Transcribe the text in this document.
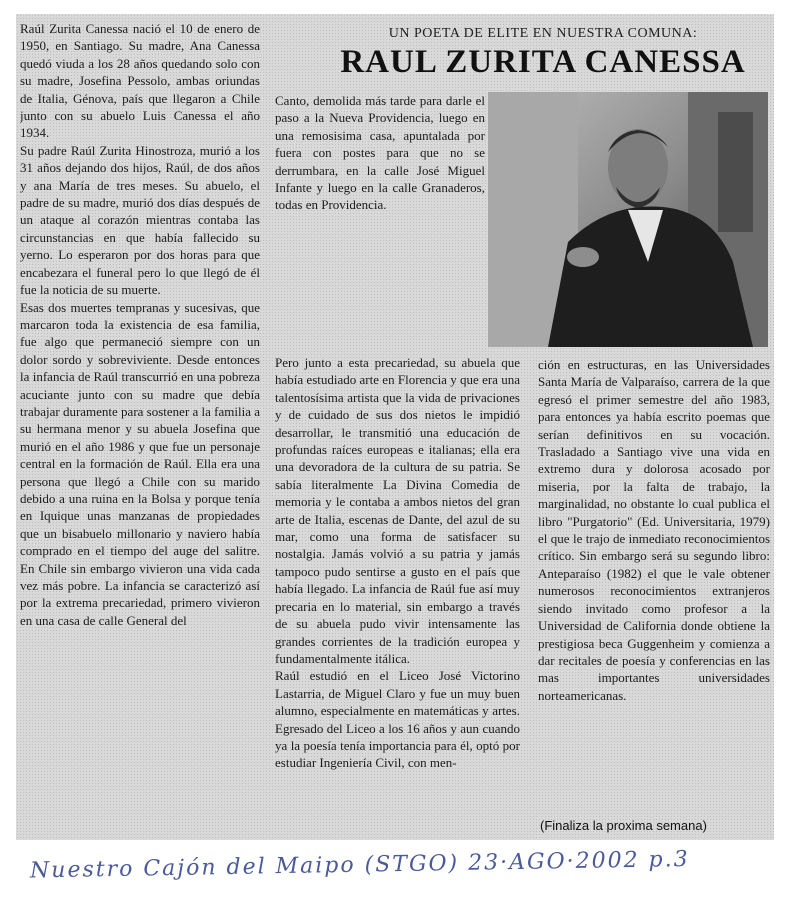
UN POETA DE ELITE EN NUESTRA COMUNA:
RAUL ZURITA CANESSA

Raúl Zurita Canessa nació el 10 de enero de 1950, en Santiago. Su madre, Ana Canessa quedó viuda a los 28 años quedando solo con su madre, Josefina Pessolo, ambas oriundas de Italia, Génova, país que llegaron a Chile junto con su abuelo Luis Canessa el año 1934.

Su padre Raúl Zurita Hinostroza, murió a los 31 años dejando dos hijos, Raúl, de dos años y ana María de tres meses. Su abuelo, el padre de su madre, murió dos días después de un ataque al corazón mientras contaba las circunstancias en que había fallecido su yerno. Lo esperaron por dos horas para que encabezara el funeral pero lo que llegó de él fue la noticia de su muerte.

Esas dos muertes tempranas y sucesivas, que marcaron toda la existencia de esa familia, fue algo que permaneció siempre con un dolor sordo y sobreviviente. Desde entonces la infancia de Raúl transcurrió en una pobreza acuciante junto con su madre que debía trabajar duramente para sostener a la familia a su hermana menor y su abuela Josefina que murió en el año 1986 y que fue un personaje central en la formación de Raúl. Ella era una persona que llegó a Chile con su marido debido a una ruina en la Bolsa y porque tenía en Iquique unas manzanas de propiedades que un bisabuelo millonario y naviero había comprado en el tiempo del auge del salitre. En Chile sin embargo vivieron una vida cada vez más pobre. La infancia se caracterizó así por la extrema precariedad, primero vivieron en una casa de calle General del

Canto, demolida más tarde para darle el paso a la Nueva Providencia, luego en una remosisima casa, apuntalada por fuera con postes para que no se derrumbara, en la calle José Miguel Infante y luego en la calle Granaderos, todas en Providencia.

Pero junto a esta precariedad, su abuela que había estudiado arte en Florencia y que era una talentosísima artista que la vida de privaciones y de cuidado de sus dos nietos le impidió desarrollar, le transmitió una educación de profundas raíces europeas e italianas; ella era una devoradora de la cultura de su patria. Se sabía literalmente La Divina Comedia de memoria y le contaba a ambos nietos del gran arte de Italia, escenas de Dante, del azul de su mar, como una forma de satisfacer su nostalgia. Jamás volvió a su patria y jamás tampoco pudo sentirse a gusto en el país que había llegado. La infancia de Raúl fue así muy precaria en lo material, sin embargo a través de su abuela pudo vivir intensamente las grandes corrientes de la tradición europea y fundamentalmente itálica.

Raúl estudió en el Liceo José Victorino Lastarria, de Miguel Claro y fue un muy buen alumno, especialmente en matemáticas y artes. Egresado del Liceo a los 16 años y aun cuando ya la poesía tenía importancia para él, optó por estudiar Ingeniería Civil, con men-

ción en estructuras, en las Universidades Santa María de Valparaíso, carrera de la que egresó el primer semestre del año 1983, para entonces ya había escrito poemas que serían definitivos en su vocación. Trasladado a Santiago vive una vida en extremo dura y dolorosa acosado por miseria, por la falta de trabajo, la marginalidad, no obstante lo cual publica el libro "Purgatorio" (Ed. Universitaria, 1979) el que le trajo de inmediato reconocimientos crítico. Sin embargo será su segundo libro: Anteparaíso (1982) el que le vale obtener numerosos reconocimientos extranjeros siendo invitado como profesor a la Universidad de California donde obtiene la prestigiosa beca Guggenheim y comienza a dar recitales de poesía y conferencias en las mas importantes universidades norteamericanas.

(Finaliza la proxima semana)
Nuestro Cajón del Maipo (STGO) 23·AGO·2002 p.3
